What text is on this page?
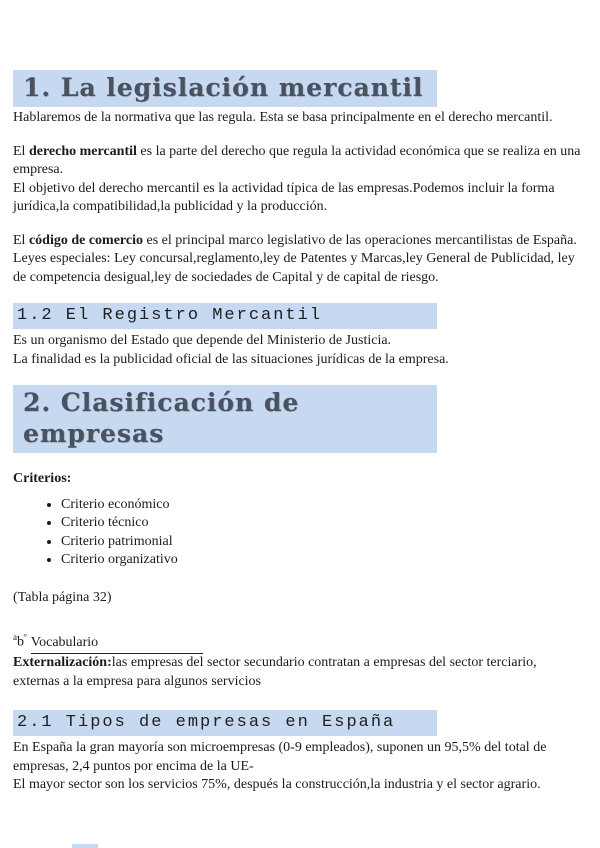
1. La legislación mercantil

Hablaremos de la normativa que las regula. Esta se basa principalmente en el derecho mercantil.

El derecho mercantil es la parte del derecho que regula la actividad económica que se realiza en una empresa.

El objetivo del derecho mercantil es la actividad típica de las empresas.Podemos incluir la forma jurídica,la compatibilidad,la publicidad y la producción.

El código de comercio es el principal marco legislativo de las operaciones mercantilistas de España.

Leyes especiales: Ley concursal,reglamento,ley de Patentes y Marcas,ley General de Publicidad, ley de competencia desigual,ley de sociedades de Capital y de capital de riesgo.

1.2 El Registro Mercantil

Es un organismo del Estado que depende del Ministerio de Justicia.

La finalidad es la publicidad oficial de las situaciones jurídicas de la empresa.

2. Clasificación de empresas

Criterios:

• Criterio económico
• Criterio técnico
• Criterio patrimonial
• Criterio organizativo

(Tabla página 32)

$^ab^º$ Vocabulario

Externalización:las empresas del sector secundario contratan a empresas del sector terciario, externas a la empresa para algunos servicios

2.1 Tipos de empresas en España

En España la gran mayoría son microempresas (0-9 empleados), suponen un 95,5% del total de empresas, 2,4 puntos por encima de la UE-

El mayor sector son los servicios 75%, después la construcción,la industria y el sector agrario.
